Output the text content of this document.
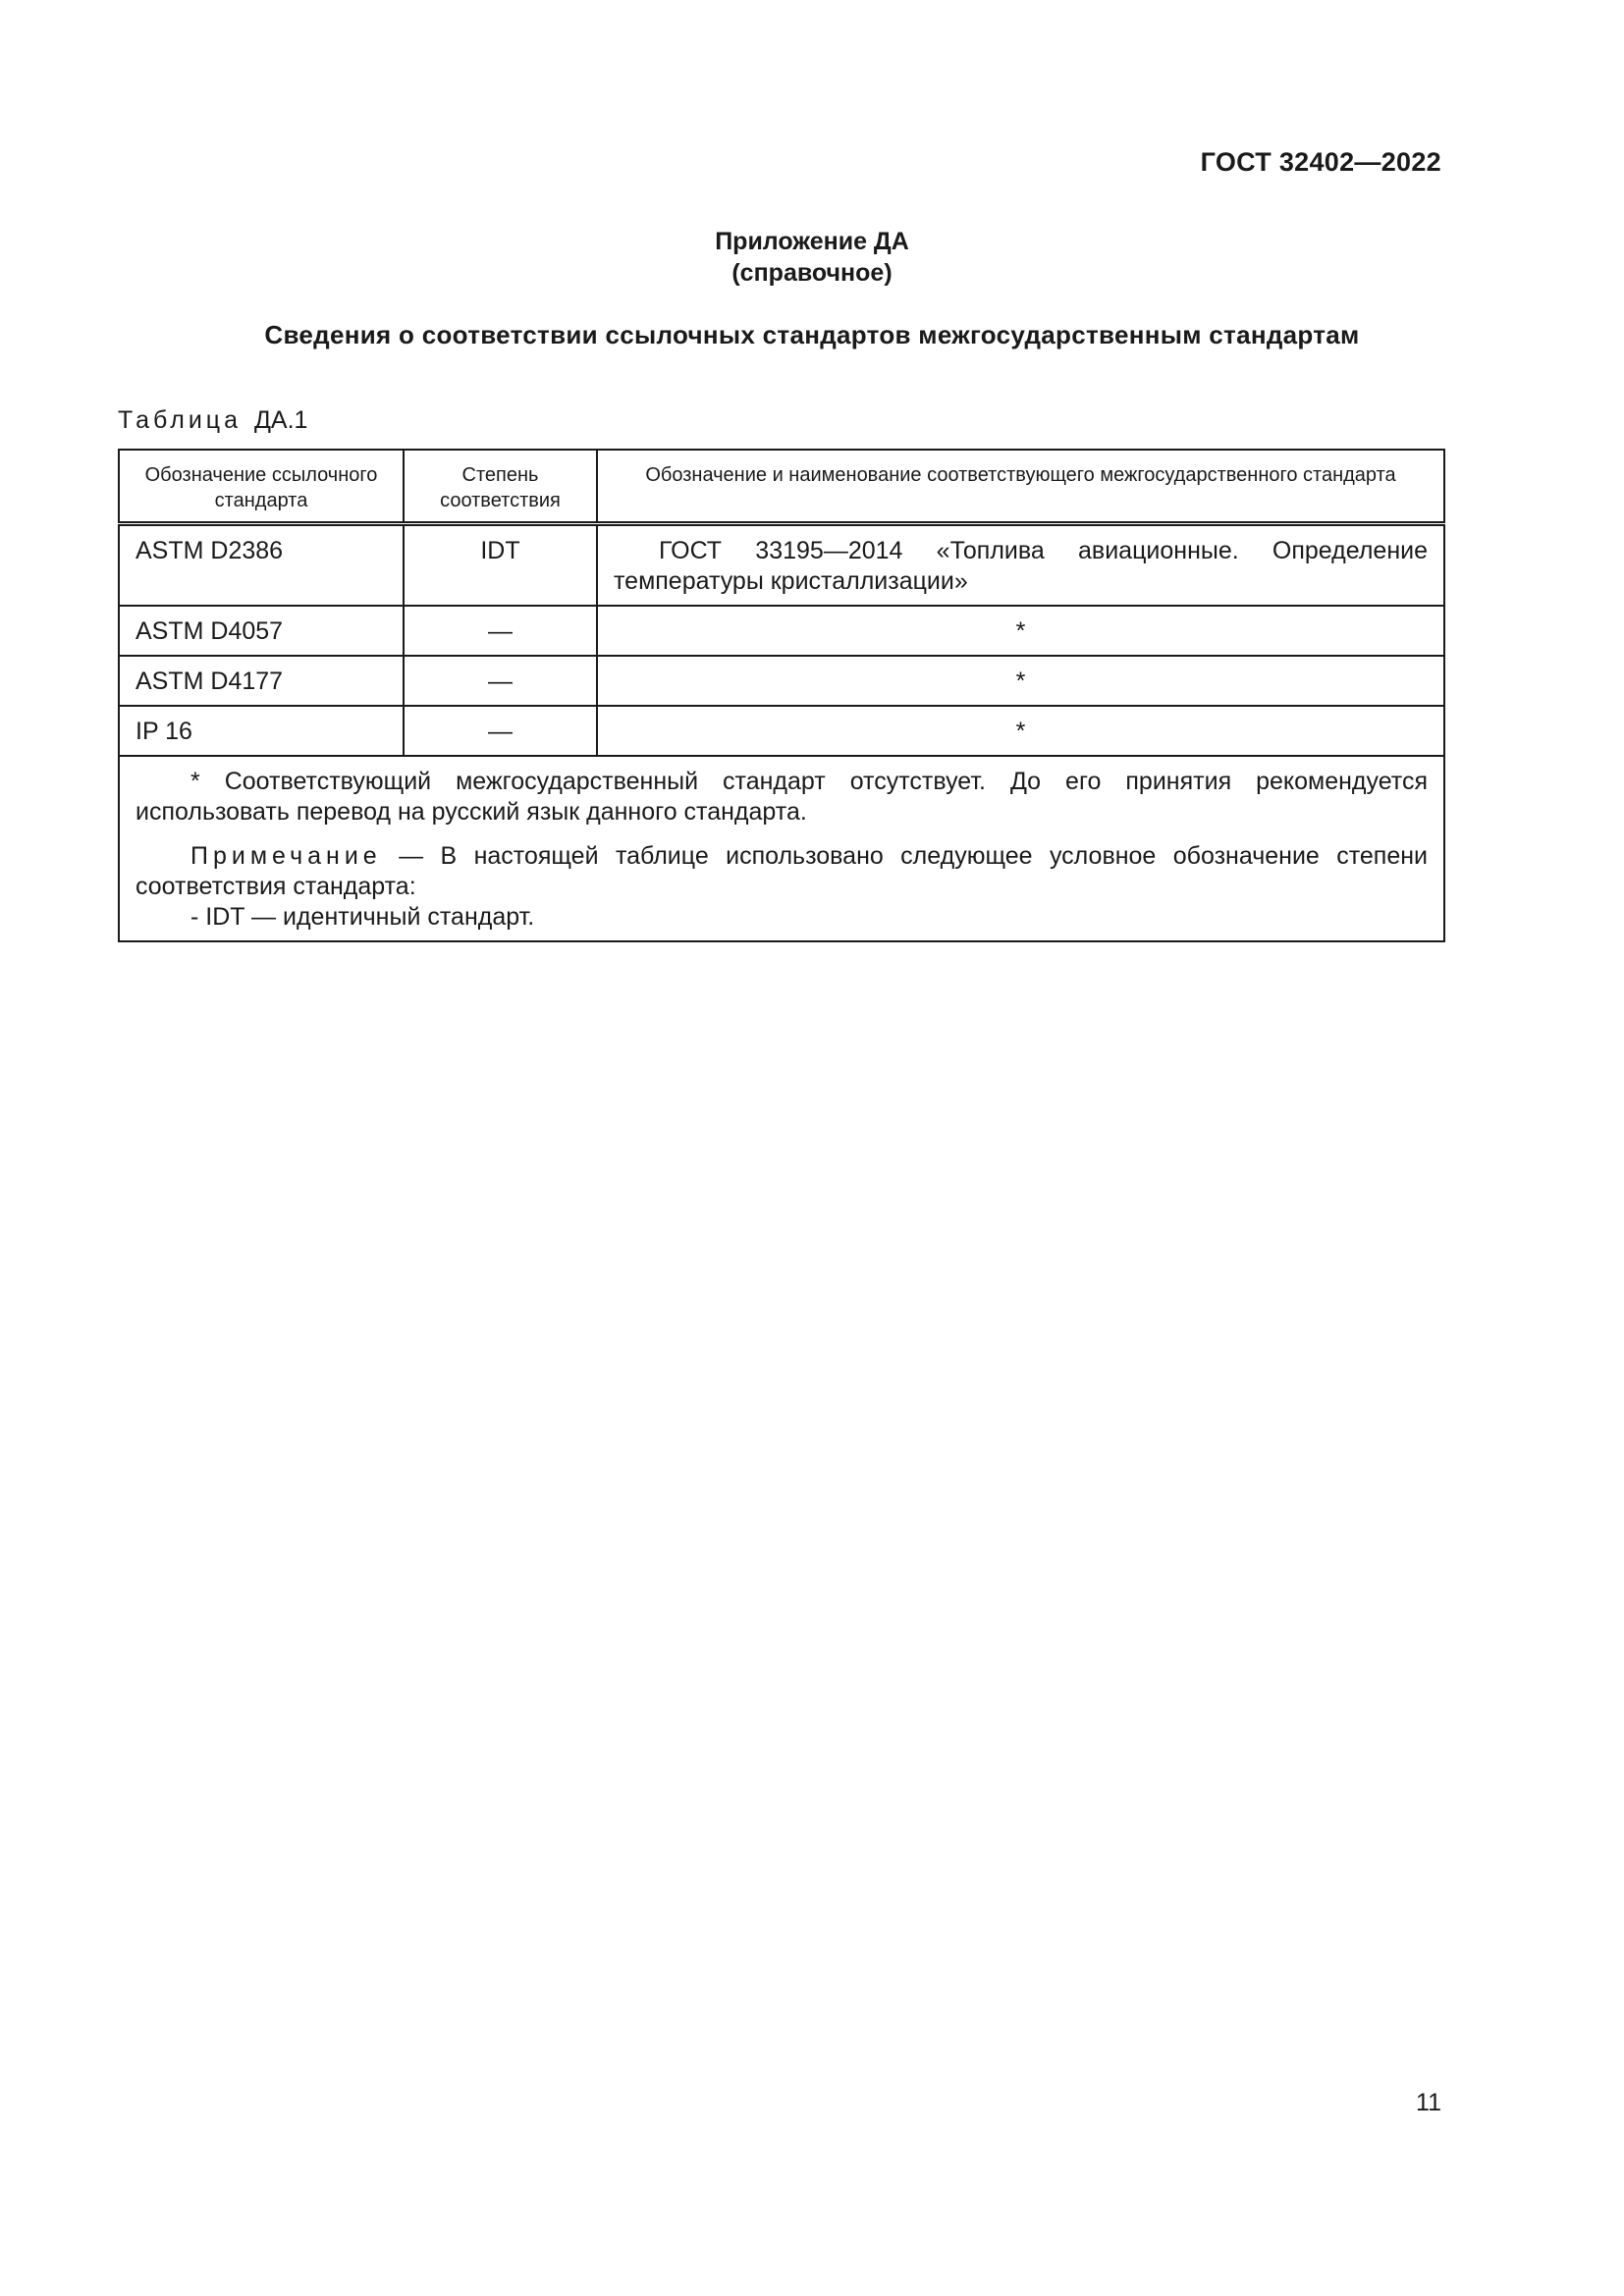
ГОСТ 32402—2022
Приложение ДА
(справочное)
Сведения о соответствии ссылочных стандартов межгосударственным стандартам
Таблица ДА.1
Обозначение ссылочного стандарта	Степень соответствия	Обозначение и наименование соответствующего межгосударственного стандарта
ASTM D2386	IDT	ГОСТ 33195—2014 «Топлива авиационные. Определение температуры кристаллизации»
ASTM D4057	—	*
ASTM D4177	—	*
IP 16	—	*

* Соответствующий межгосударственный стандарт отсутствует. До его принятия рекомендуется использовать перевод на русский язык данного стандарта.

Примечание — В настоящей таблице использовано следующее условное обозначение степени соответствия стандарта:

- IDT — идентичный стандарт.		

11
